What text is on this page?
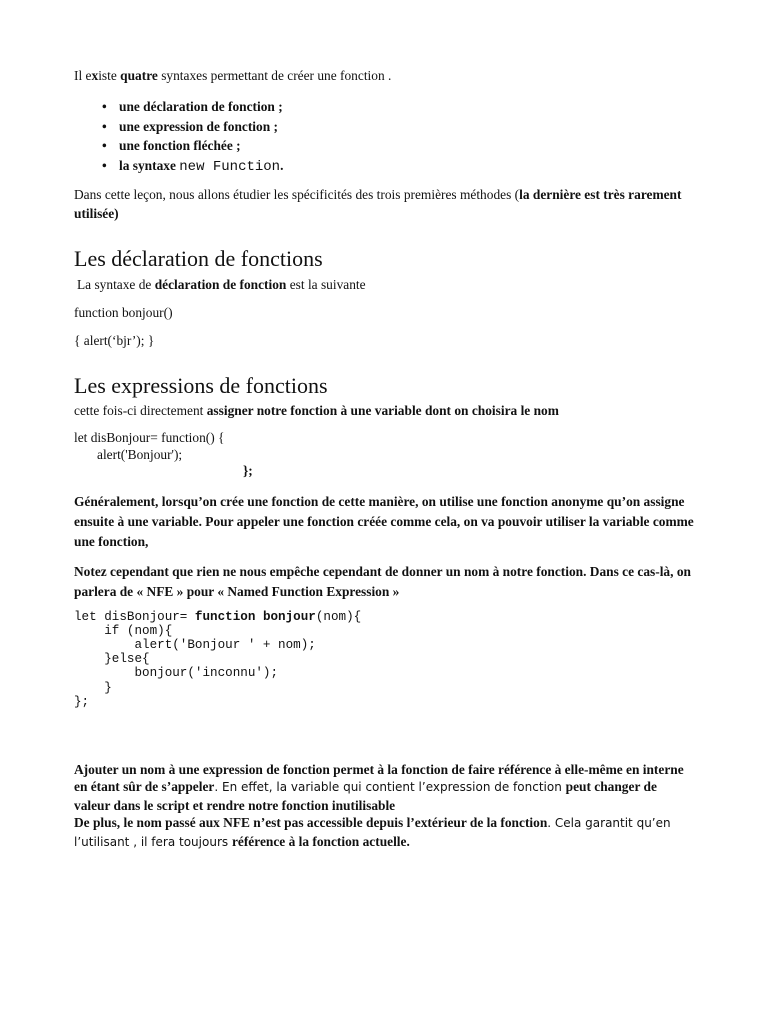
Il existe quatre syntaxes permettant de créer une fonction .

• une déclaration de fonction ;
• une expression de fonction ;
• une fonction fléchée ;
• la syntaxe new Function.

Dans cette leçon, nous allons étudier les spécificités des trois premières méthodes (la dernière est très rarement utilisée)

Les déclaration de fonctions

La syntaxe de déclaration de fonction est la suivante

function bonjour()

{ alert(‘bjr’); }

Les expressions de fonctions

cette fois-ci directement assigner notre fonction à une variable dont on choisira le nom

let disBonjour= function() {
alert('Bonjour');
};

Généralement, lorsqu’on crée une fonction de cette manière, on utilise une fonction anonyme qu’on assigne ensuite à une variable. Pour appeler une fonction créée comme cela, on va pouvoir utiliser la variable comme une fonction,

Notez cependant que rien ne nous empêche cependant de donner un nom à notre fonction. Dans ce cas-là, on parlera de « NFE » pour « Named Function Expression »

let disBonjour= function bonjour(nom){
if (nom){
alert('Bonjour ' + nom);
}else{
bonjour('inconnu');
}
};

Ajouter un nom à une expression de fonction permet à la fonction de faire référence à elle-même en interne en étant sûr de s’appeler. En effet, la variable qui contient l’expression de fonction peut changer de valeur dans le script et rendre notre fonction inutilisable
De plus, le nom passé aux NFE n’est pas accessible depuis l’extérieur de la fonction. Cela garantit qu’en l’utilisant , il fera toujours référence à la fonction actuelle.
